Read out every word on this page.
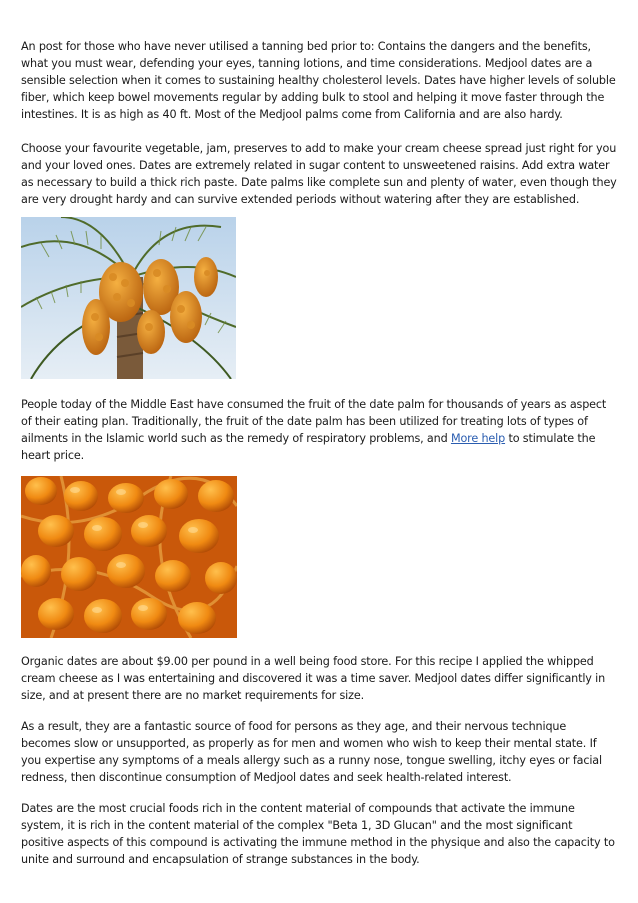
An post for those who have never utilised a tanning bed prior to: Contains the dangers and the benefits, what you must wear, defending your eyes, tanning lotions, and time considerations. Medjool dates are a sensible selection when it comes to sustaining healthy cholesterol levels. Dates have higher levels of soluble fiber, which keep bowel movements regular by adding bulk to stool and helping it move faster through the intestines. It is as high as 40 ft. Most of the Medjool palms come from California and are also hardy.

Choose your favourite vegetable, jam, preserves to add to make your cream cheese spread just right for you and your loved ones. Dates are extremely related in sugar content to unsweetened raisins. Add extra water as necessary to build a thick rich paste. Date palms like complete sun and plenty of water, even though they are very drought hardy and can survive extended periods without watering after they are established.

People today of the Middle East have consumed the fruit of the date palm for thousands of years as aspect of their eating plan. Traditionally, the fruit of the date palm has been utilized for treating lots of types of ailments in the Islamic world such as the remedy of respiratory problems, and More help to stimulate the heart price.

Organic dates are about $9.00 per pound in a well being food store. For this recipe I applied the whipped cream cheese as I was entertaining and discovered it was a time saver. Medjool dates differ significantly in size, and at present there are no market requirements for size.

As a result, they are a fantastic source of food for persons as they age, and their nervous technique becomes slow or unsupported, as properly as for men and women who wish to keep their mental state. If you expertise any symptoms of a meals allergy such as a runny nose, tongue swelling, itchy eyes or facial redness, then discontinue consumption of Medjool dates and seek health-related interest.

Dates are the most crucial foods rich in the content material of compounds that activate the immune system, it is rich in the content material of the complex "Beta 1, 3D Glucan" and the most significant positive aspects of this compound is activating the immune method in the physique and also the capacity to unite and surround and encapsulation of strange substances in the body.
